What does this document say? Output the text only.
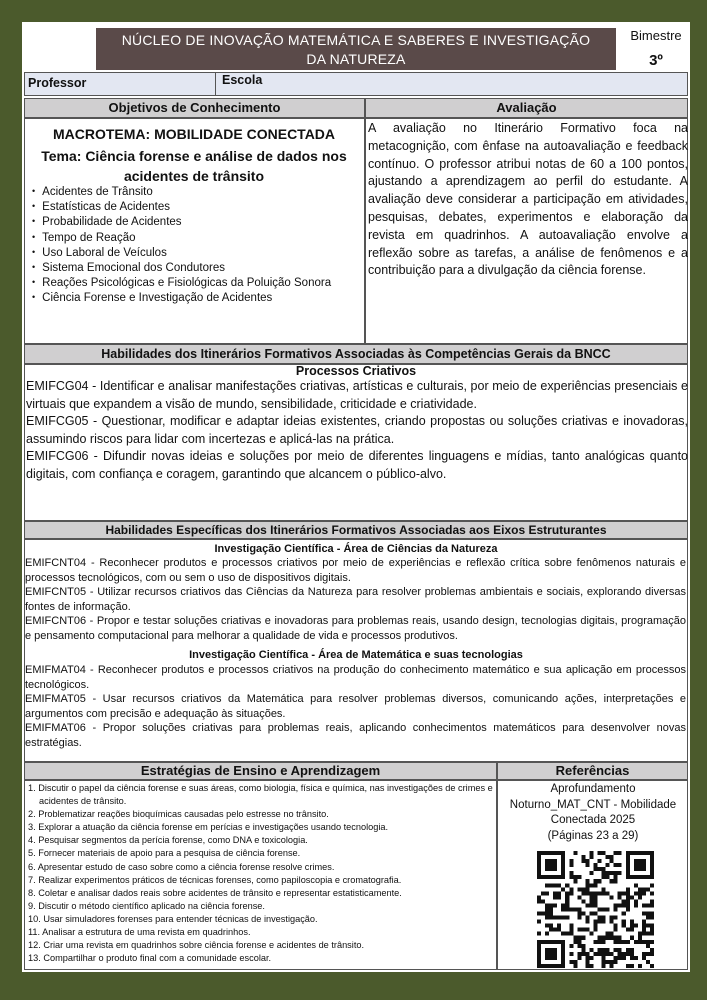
NÚCLEO DE INOVAÇÃO MATEMÁTICA E SABERES E INVESTIGAÇÃO
DA NATUREZA
Bimestre
3º
Professor	Escola
Objetivos de Conhecimento	Avaliação
MACROTEMA: MOBILIDADE CONECTADA
Tema: Ciência forense e análise de dados nos
acidentes de trânsito
• Acidentes de Trânsito
• Estatísticas de Acidentes
• Probabilidade de Acidentes
• Tempo de Reação
• Uso Laboral de Veículos
• Sistema Emocional dos Condutores
• Reações Psicológicas e Fisiológicas da Poluição Sonora
• Ciência Forense e Investigação de Acidentes
A avaliação no Itinerário Formativo foca na metacognição, com ênfase na autoavaliação e feedback contínuo. O professor atribui notas de 60 a 100 pontos, ajustando a aprendizagem ao perfil do estudante. A avaliação deve considerar a participação em atividades, pesquisas, debates, experimentos e elaboração da revista em quadrinhos. A autoavaliação envolve a reflexão sobre as tarefas, a análise de fenômenos e a contribuição para a divulgação da ciência forense.
Habilidades dos Itinerários Formativos Associadas às Competências Gerais da BNCC
Processos Criativos

EMIFCG04 - Identificar e analisar manifestações criativas, artísticas e culturais, por meio de experiências presenciais e virtuais que expandem a visão de mundo, sensibilidade, criticidade e criatividade.

EMIFCG05 - Questionar, modificar e adaptar ideias existentes, criando propostas ou soluções criativas e inovadoras, assumindo riscos para lidar com incertezas e aplicá-las na prática.

EMIFCG06 - Difundir novas ideias e soluções por meio de diferentes linguagens e mídias, tanto analógicas quanto digitais, com confiança e coragem, garantindo que alcancem o público-alvo.

Habilidades Específicas dos Itinerários Formativos Associadas aos Eixos Estruturantes
Investigação Científica - Área de Ciências da Natureza

EMIFCNT04 - Reconhecer produtos e processos criativos por meio de experiências e reflexão crítica sobre fenômenos naturais e processos tecnológicos, com ou sem o uso de dispositivos digitais.

EMIFCNT05 - Utilizar recursos criativos das Ciências da Natureza para resolver problemas ambientais e sociais, explorando diversas fontes de informação.

EMIFCNT06 - Propor e testar soluções criativas e inovadoras para problemas reais, usando design, tecnologias digitais, programação e pensamento computacional para melhorar a qualidade de vida e processos produtivos.

Investigação Científica - Área de Matemática e suas tecnologias

EMIFMAT04 - Reconhecer produtos e processos criativos na produção do conhecimento matemático e sua aplicação em processos tecnológicos.

EMIFMAT05 - Usar recursos criativos da Matemática para resolver problemas diversos, comunicando ações, interpretações e argumentos com precisão e adequação às situações.

EMIFMAT06 - Propor soluções criativas para problemas reais, aplicando conhecimentos matemáticos para desenvolver novas estratégias.

Estratégias de Ensino e Aprendizagem	Referências
1. Discutir o papel da ciência forense e suas áreas, como biologia, física e química, nas investigações de crimes e acidentes de trânsito.
2. Problematizar reações bioquímicas causadas pelo estresse no trânsito.
3. Explorar a atuação da ciência forense em perícias e investigações usando tecnologia.
4. Pesquisar segmentos da perícia forense, como DNA e toxicologia.
5. Fornecer materiais de apoio para a pesquisa de ciência forense.
6. Apresentar estudo de caso sobre como a ciência forense resolve crimes.
7. Realizar experimentos práticos de técnicas forenses, como papiloscopia e cromatografia.
8. Coletar e analisar dados reais sobre acidentes de trânsito e representar estatisticamente.
9. Discutir o método científico aplicado na ciência forense.
10. Usar simuladores forenses para entender técnicas de investigação.
11. Analisar a estrutura de uma revista em quadrinhos.
12. Criar uma revista em quadrinhos sobre ciência forense e acidentes de trânsito.
13. Compartilhar o produto final com a comunidade escolar.
Aprofundamento
Noturno_MAT_CNT - Mobilidade
Conectada 2025
(Páginas 23 a 29)
